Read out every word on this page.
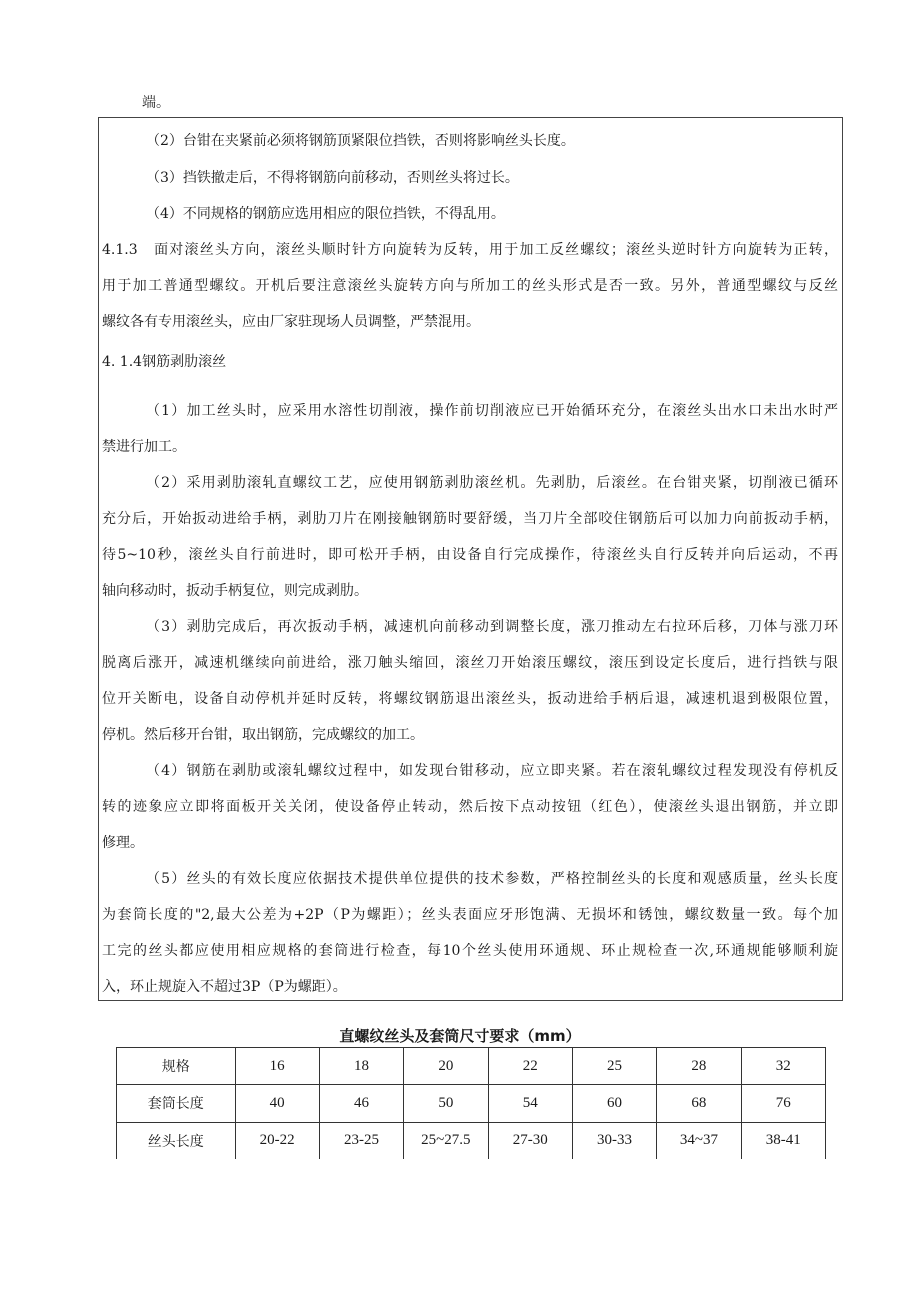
端。
（2）台钳在夹紧前必须将钢筋顶紧限位挡铁，否则将影响丝头长度。
（3）挡铁撤走后，不得将钢筋向前移动，否则丝头将过长。
（4）不同规格的钢筋应选用相应的限位挡铁，不得乱用。
4.1.3　面对滚丝头方向，滚丝头顺时针方向旋转为反转，用于加工反丝螺纹；滚丝头逆时针方向旋转为正转，
用于加工普通型螺纹。开机后要注意滚丝头旋转方向与所加工的丝头形式是否一致。另外，普通型螺纹与反丝
螺纹各有专用滚丝头，应由厂家驻现场人员调整，严禁混用。
4. 1.4钢筋剥肋滚丝
（1）加工丝头时，应采用水溶性切削液，操作前切削液应已开始循环充分，在滚丝头出水口未出水时严
禁进行加工。
（2）采用剥肋滚轧直螺纹工艺，应使用钢筋剥肋滚丝机。先剥肋，后滚丝。在台钳夹紧，切削液已循环
充分后，开始扳动进给手柄，剥肋刀片在刚接触钢筋时要舒缓，当刀片全部咬住钢筋后可以加力向前扳动手柄，
待5~10秒，滚丝头自行前进时，即可松开手柄，由设备自行完成操作，待滚丝头自行反转并向后运动，不再
轴向移动时，扳动手柄复位，则完成剥肋。
（3）剥肋完成后，再次扳动手柄，减速机向前移动到调整长度，涨刀推动左右拉环后移，刀体与涨刀环
脱离后涨开，减速机继续向前进给，涨刀触头缩回，滚丝刀开始滚压螺纹，滚压到设定长度后，进行挡铁与限
位开关断电，设备自动停机并延时反转，将螺纹钢筋退出滚丝头，扳动进给手柄后退，减速机退到极限位置，
停机。然后移开台钳，取出钢筋，完成螺纹的加工。
（4）钢筋在剥肋或滚轧螺纹过程中，如发现台钳移动，应立即夹紧。若在滚轧螺纹过程发现没有停机反
转的迹象应立即将面板开关关闭，使设备停止转动，然后按下点动按钮（红色），使滚丝头退出钢筋，并立即
修理。
（5）丝头的有效长度应依据技术提供单位提供的技术参数，严格控制丝头的长度和观感质量，丝头长度
为套筒长度的"2,最大公差为+2P（P为螺距）；丝头表面应牙形饱满、无损坏和锈蚀，螺纹数量一致。每个加
工完的丝头都应使用相应规格的套筒进行检查，每10个丝头使用环通规、环止规检查一次,环通规能够顺利旋
入，环止规旋入不超过3P（P为螺距）。
直螺纹丝头及套筒尺寸要求（mm）
规格	16	18	20	22	25	28	32
套筒长度	40	46	50	54	60	68	76
丝头长度	20-22	23-25	25~27.5	27-30	30-33	34~37	38-41
